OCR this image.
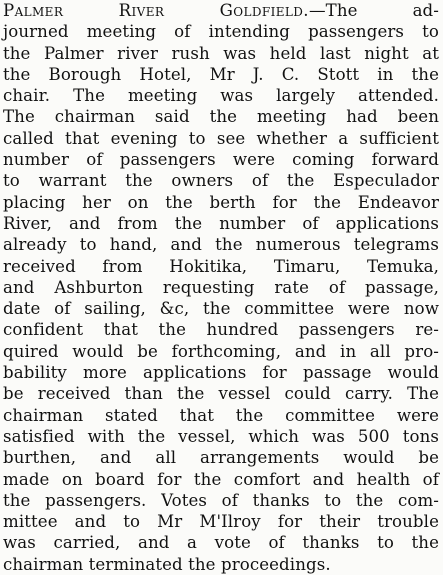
Palmer River Goldfield.—The ad-
journed meeting of intending passengers to
the Palmer river rush was held last night at
the Borough Hotel, Mr J. C. Stott in the
chair. The meeting was largely attended.
The chairman said the meeting had been
called that evening to see whether a sufficient
number of passengers were coming forward
to warrant the owners of the Especulador
placing her on the berth for the Endeavor
River, and from the number of applications
already to hand, and the numerous telegrams
received from Hokitika, Timaru, Temuka,
and Ashburton requesting rate of passage,
date of sailing, &c, the committee were now
confident that the hundred passengers re-
quired would be forthcoming, and in all pro-
bability more applications for passage would
be received than the vessel could carry. The
chairman stated that the committee were
satisfied with the vessel, which was 500 tons
burthen, and all arrangements would be
made on board for the comfort and health of
the passengers. Votes of thanks to the com-
mittee and to Mr M'Ilroy for their trouble
was carried, and a vote of thanks to the
chairman terminated the proceedings.
